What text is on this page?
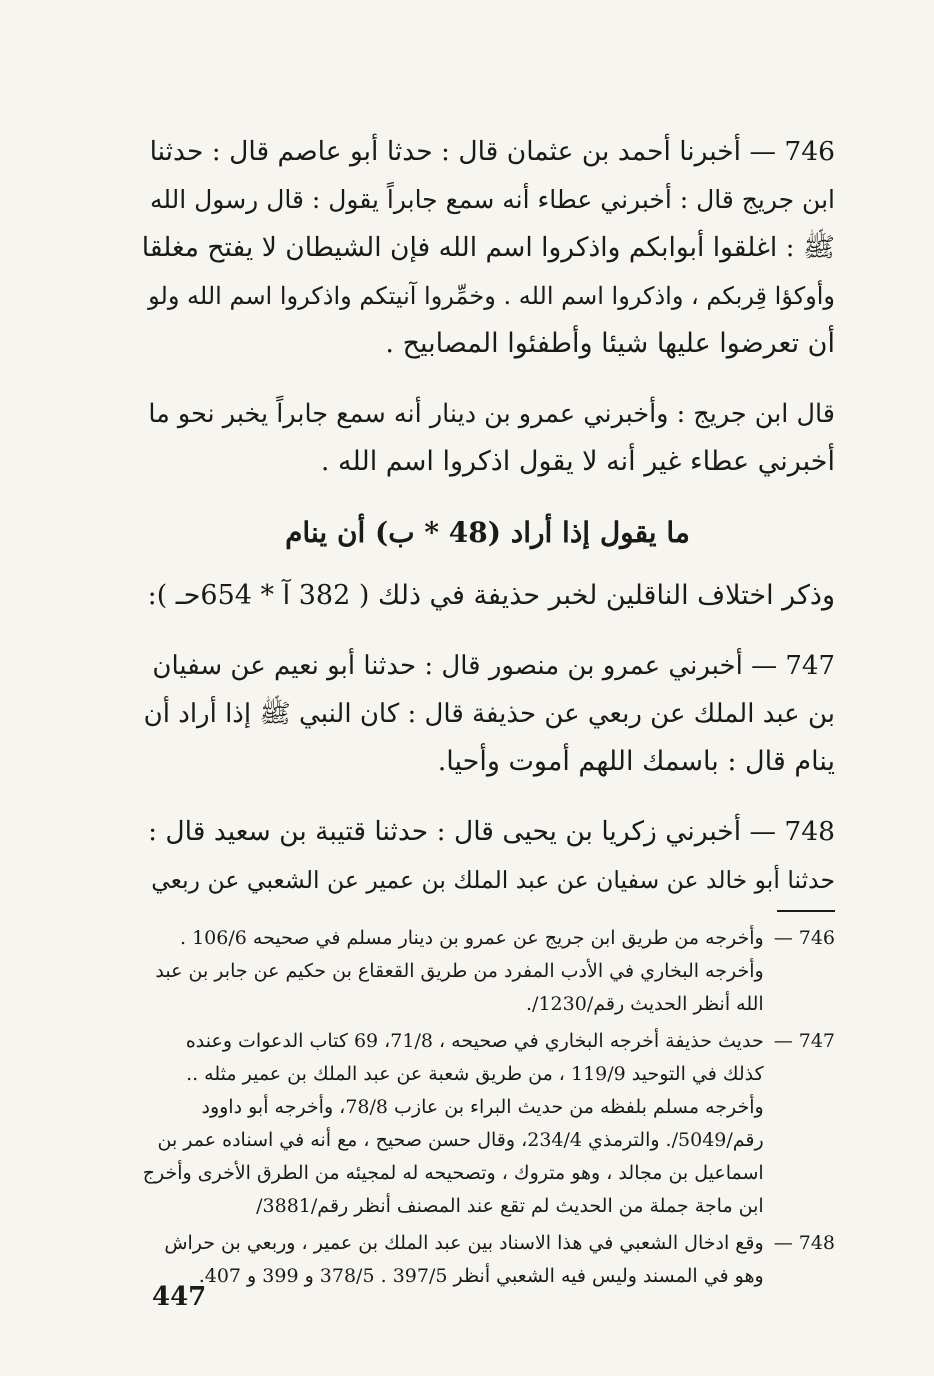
746 — أخبرنا أحمد بن عثمان قال : حدثا أبو عاصم قال : حدثنا
ابن جريج قال : أخبرني عطاء أنه سمع جابراً يقول : قال رسول الله
ﷺ : اغلقوا أبوابكم واذكروا اسم الله فإن الشيطان لا يفتح مغلقا
وأوكؤا قِربكم ، واذكروا اسم الله . وخمِّروا آنيتكم واذكروا اسم الله ولو
أن تعرضوا عليها شيئا وأطفئوا المصابيح .
قال ابن جريج : وأخبرني عمرو بن دينار أنه سمع جابراً يخبر نحو ما
أخبرني عطاء غير أنه لا يقول اذكروا اسم الله .
ما يقول إذا أراد (48 * ب) أن ينام
وذكر اختلاف الناقلين لخبر حذيفة في ذلك ( 382 آ * 654حـ ):
747 — أخبرني عمرو بن منصور قال : حدثنا أبو نعيم عن سفيان
بن عبد الملك عن ربعي عن حذيفة قال : كان النبي ﷺ إذا أراد أن
ينام قال : باسمك اللهم أموت وأحيا.
748 — أخبرني زكريا بن يحيى قال : حدثنا قتيبة بن سعيد قال :
حدثنا أبو خالد عن سفيان عن عبد الملك بن عمير عن الشعبي عن ربعي
746 —
وأخرجه من طريق ابن جريج عن عمرو بن دينار مسلم في صحيحه 106/6 .
وأخرجه البخاري في الأدب المفرد من طريق القعقاع بن حكيم عن جابر بن عبد
الله أنظر الحديث رقم/1230/.
747 —
حديث حذيفة أخرجه البخاري في صحيحه ، 71/8، 69 كتاب الدعوات وعنده
كذلك في التوحيد 119/9 ، من طريق شعبة عن عبد الملك بن عمير مثله ..
وأخرجه مسلم بلفظه من حديث البراء بن عازب 78/8، وأخرجه أبو داوود
رقم/5049/. والترمذي 234/4، وقال حسن صحيح ، مع أنه في اسناده عمر بن
اسماعيل بن مجالد ، وهو متروك ، وتصحيحه له لمجيئه من الطرق الأخرى وأخرج
ابن ماجة جملة من الحديث لم تقع عند المصنف أنظر رقم/3881/
748 —
وقع ادخال الشعبي في هذا الاسناد بين عبد الملك بن عمير ، وربعي بن حراش
وهو في المسند وليس فيه الشعبي أنظر 397/5 . 378/5 و 399 و 407.
447
